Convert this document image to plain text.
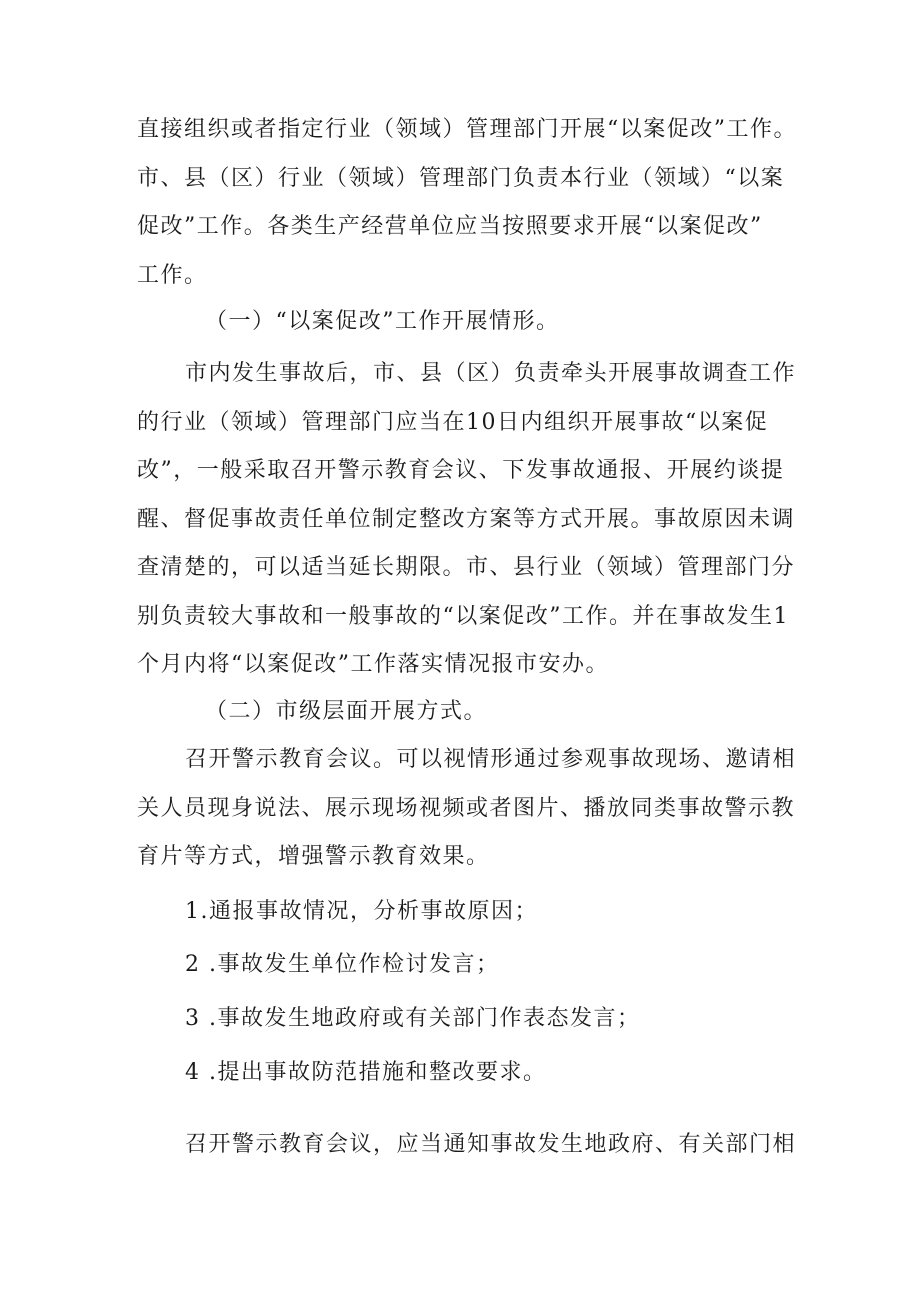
直接组织或者指定行业（领域）管理部门开展“以案促改”工作。
市、县（区）行业（领域）管理部门负责本行业（领域）“以案
促改”工作。各类生产经营单位应当按照要求开展“以案促改”
工作。
（一）“以案促改”工作开展情形。
市内发生事故后，市、县（区）负责牵头开展事故调查工作
的行业（领域）管理部门应当在10日内组织开展事故“以案促
改”，一般采取召开警示教育会议、下发事故通报、开展约谈提
醒、督促事故责任单位制定整改方案等方式开展。事故原因未调
查清楚的，可以适当延长期限。市、县行业（领域）管理部门分
别负责较大事故和一般事故的“以案促改”工作。并在事故发生1
个月内将“以案促改”工作落实情况报市安办。
（二）市级层面开展方式。
召开警示教育会议。可以视情形通过参观事故现场、邀请相
关人员现身说法、展示现场视频或者图片、播放同类事故警示教
育片等方式，增强警示教育效果。
1.通报事故情况，分析事故原因；
2 .事故发生单位作检讨发言；
3 .事故发生地政府或有关部门作表态发言；
4 .提出事故防范措施和整改要求。
召开警示教育会议，应当通知事故发生地政府、有关部门相
